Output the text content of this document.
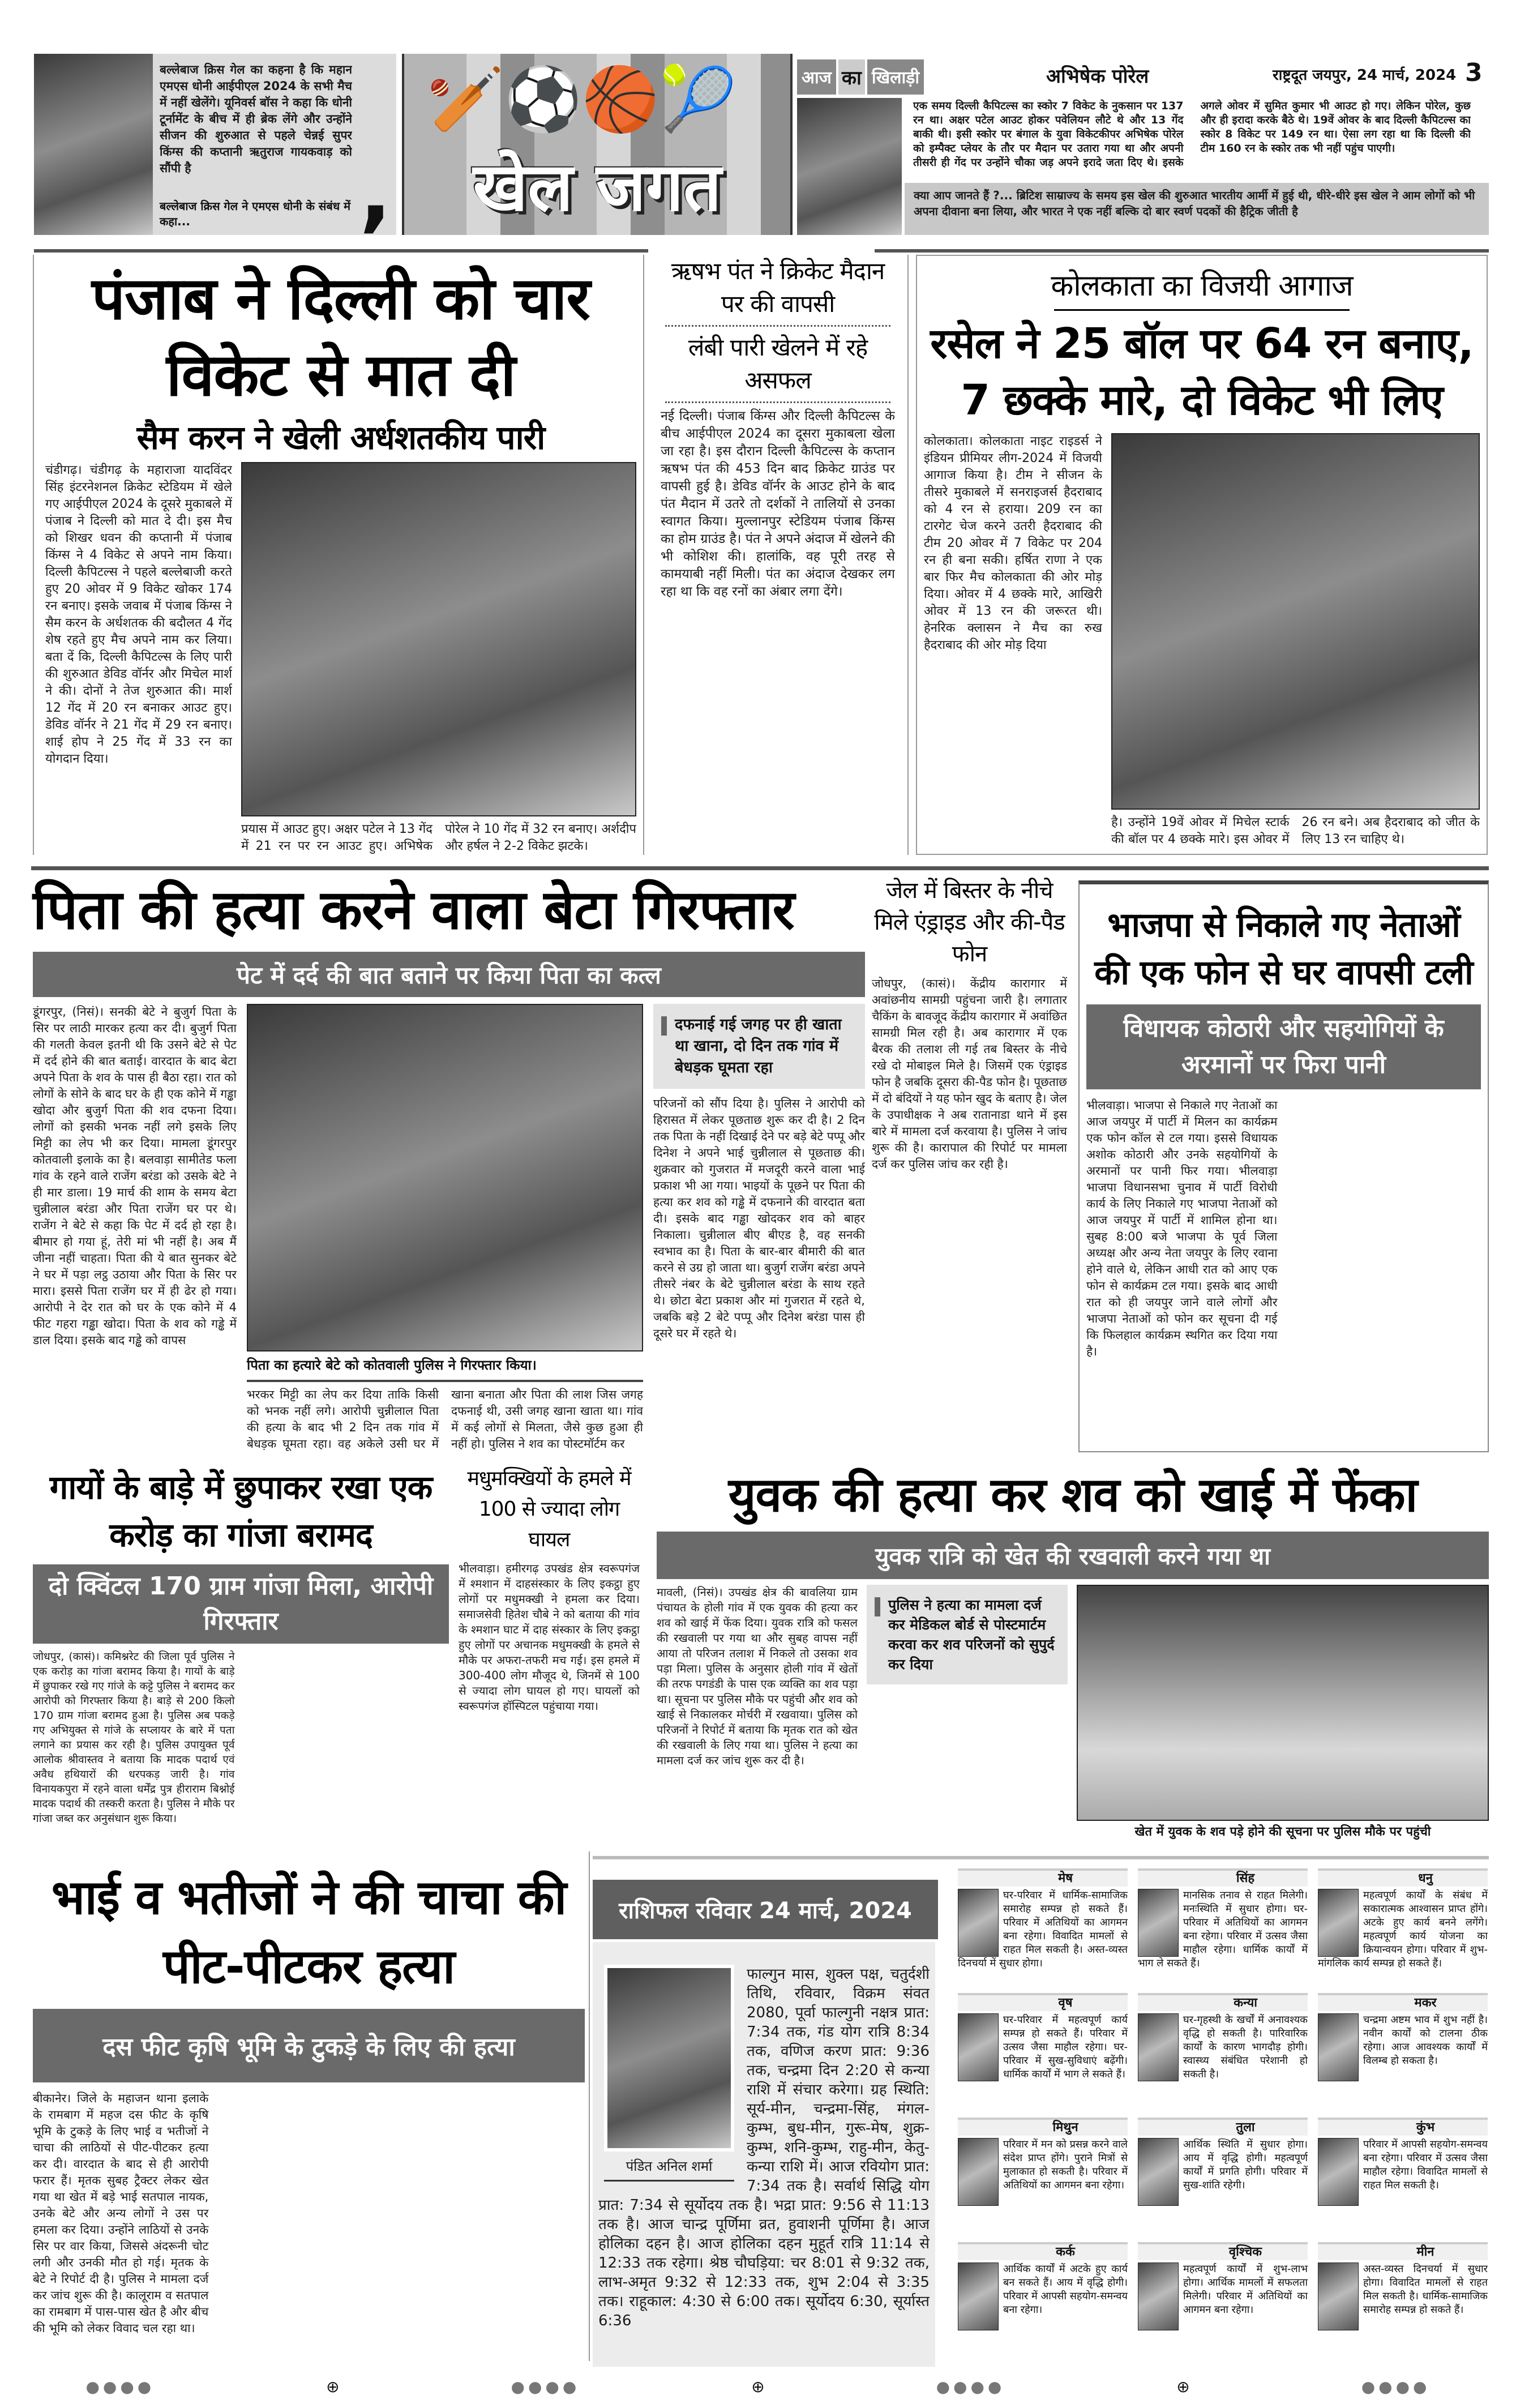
बल्लेबाज क्रिस गेल का कहना है कि महान एमएस धोनी आईपीएल 2024 के सभी मैच में नहीं खेलेंगे। यूनिवर्स बॉस ने कहा कि धोनी टूर्नामेंट के बीच में ही ब्रेक लेंगे और उन्होंने सीजन की शुरुआत से पहले चेन्नई सुपर किंग्स की कप्तानी ऋतुराज गायकवाड़ को सौंपी है
बल्लेबाज क्रिस गेल ने एमएस धोनी के संबंध में कहा...	,
🏏⚽🏀🎾
खेल जगत
आज का खिलाड़ी	अभिषेक पोरेल	राष्ट्रदूत जयपुर, 24 मार्च, 2024 3
एक समय दिल्ली कैपिटल्स का स्कोर 7 विकेट के नुकसान पर 137 रन था। अक्षर पटेल आउट होकर पवेलियन लौटे थे और 13 गेंद बाकी थी। इसी स्कोर पर बंगाल के युवा विकेटकीपर अभिषेक पोरेल को इम्पैक्ट प्लेयर के तौर पर मैदान पर उतारा गया था और अपनी तीसरी ही गेंद पर उन्होंने चौका जड़ अपने इरादे जता दिए थे। इसके अगले ओवर में सुमित कुमार भी आउट हो गए। लेकिन पोरेल, कुछ और ही इरादा करके बैठे थे। 19वें ओवर के बाद दिल्ली कैपिटल्स का स्कोर 8 विकेट पर 149 रन था। ऐसा लग रहा था कि दिल्ली की टीम 160 रन के स्कोर तक भी नहीं पहुंच पाएगी।
क्या आप जानते हैं ?... ब्रिटिश साम्राज्य के समय इस खेल की शुरुआत भारतीय आर्मी में हुई थी, धीरे-धीरे इस खेल ने आम लोगों को भी अपना दीवाना बना लिया, और भारत ने एक नहीं बल्कि दो बार स्वर्ण पदकों की हैट्रिक जीती है
पंजाब ने दिल्ली को चार विकेट से मात दी
सैम करन ने खेली अर्धशतकीय पारी
चंडीगढ़। चंडीगढ़ के महाराजा यादविंदर सिंह इंटरनेशनल क्रिकेट स्टेडियम में खेले गए आईपीएल 2024 के दूसरे मुकाबले में पंजाब ने दिल्ली को मात दे दी। इस मैच को शिखर धवन की कप्तानी में पंजाब किंग्स ने 4 विकेट से अपने नाम किया। दिल्ली कैपिटल्स ने पहले बल्लेबाजी करते हुए 20 ओवर में 9 विकेट खोकर 174 रन बनाए। इसके जवाब में पंजाब किंग्स ने सैम करन के अर्धशतक की बदौलत 4 गेंद शेष रहते हुए मैच अपने नाम कर लिया। बता दें कि, दिल्ली कैपिटल्स के लिए पारी की शुरुआत डेविड वॉर्नर और मिचेल मार्श ने की। दोनों ने तेज शुरुआत की। मार्श 12 गेंद में 20 रन बनाकर आउट हुए। डेविड वॉर्नर ने 21 गेंद में 29 रन बनाए। शाई होप ने 25 गेंद में 33 रन का योगदान दिया।
प्रयास में आउट हुए। अक्षर पटेल ने 13 गेंद में 21 रन पर रन आउट हुए। अभिषेक पोरेल ने 10 गेंद में 32 रन बनाए। अर्शदीप और हर्षल ने 2-2 विकेट झटके।
ऋषभ पंत ने क्रिकेट मैदान पर की वापसी
लंबी पारी खेलने में रहे असफल
नई दिल्ली। पंजाब किंग्स और दिल्ली कैपिटल्स के बीच आईपीएल 2024 का दूसरा मुकाबला खेला जा रहा है। इस दौरान दिल्ली कैपिटल्स के कप्तान ऋषभ पंत की 453 दिन बाद क्रिकेट ग्राउंड पर वापसी हुई है। डेविड वॉर्नर के आउट होने के बाद पंत मैदान में उतरे तो दर्शकों ने तालियों से उनका स्वागत किया। मुल्लानपुर स्टेडियम पंजाब किंग्स का होम ग्राउंड है। पंत ने अपने अंदाज में खेलने की भी कोशिश की। हालांकि, वह पूरी तरह से कामयाबी नहीं मिली। पंत का अंदाज देखकर लग रहा था कि वह रनों का अंबार लगा देंगे।
कोलकाता का विजयी आगाज
रसेल ने 25 बॉल पर 64 रन बनाए, 7 छक्के मारे, दो विकेट भी लिए
कोलकाता। कोलकाता नाइट राइडर्स ने इंडियन प्रीमियर लीग-2024 में विजयी आगाज किया है। टीम ने सीजन के तीसरे मुकाबले में सनराइजर्स हैदराबाद को 4 रन से हराया। 209 रन का टारगेट चेज करने उतरी हैदराबाद की टीम 20 ओवर में 7 विकेट पर 204 रन ही बना सकी। हर्षित राणा ने एक बार फिर मैच कोलकाता की ओर मोड़ दिया। ओवर में 4 छक्के मारे, आखिरी ओवर में 13 रन की जरूरत थी। हेनरिक क्लासन ने मैच का रुख हैदराबाद की ओर मोड़ दिया
है। उन्होंने 19वें ओवर में मिचेल स्टार्क की बॉल पर 4 छक्के मारे। इस ओवर में 26 रन बने। अब हैदराबाद को जीत के लिए 13 रन चाहिए थे।
पिता की हत्या करने वाला बेटा गिरफ्तार
पेट में दर्द की बात बताने पर किया पिता का कत्ल
डूंगरपुर, (निसं)। सनकी बेटे ने बुजुर्ग पिता के सिर पर लाठी मारकर हत्या कर दी। बुजुर्ग पिता की गलती केवल इतनी थी कि उसने बेटे से पेट में दर्द होने की बात बताई। वारदात के बाद बेटा अपने पिता के शव के पास ही बैठा रहा। रात को लोगों के सोने के बाद घर के ही एक कोने में गड्ढा खोदा और बुजुर्ग पिता की शव दफना दिया। लोगों को इसकी भनक नहीं लगे इसके लिए मिट्टी का लेप भी कर दिया। मामला डूंगरपुर कोतवाली इलाके का है। बलवाड़ा सामीतेड फला गांव के रहने वाले राजेंग बरंडा को उसके बेटे ने ही मार डाला। 19 मार्च की शाम के समय बेटा चुन्नीलाल बरंडा और पिता राजेंग घर पर थे। राजेंग ने बेटे से कहा कि पेट में दर्द हो रहा है। बीमार हो गया हूं, तेरी मां भी नहीं है। अब मैं जीना नहीं चाहता। पिता की ये बात सुनकर बेटे ने घर में पड़ा लट्ठ उठाया और पिता के सिर पर मारा। इससे पिता राजेंग घर में ही ढेर हो गया। आरोपी ने देर रात को घर के एक कोने में 4 फीट गहरा गड्ढा खोदा। पिता के शव को गड्ढे में डाल दिया। इसके बाद गड्ढे को वापस
पिता का हत्यारे बेटे को कोतवाली पुलिस ने गिरफ्तार किया।
भरकर मिट्टी का लेप कर दिया ताकि किसी को भनक नहीं लगे। आरोपी चुन्नीलाल पिता की हत्या के बाद भी 2 दिन तक गांव में बेधड़क घूमता रहा। वह अकेले उसी घर में खाना बनाता और पिता की लाश जिस जगह दफनाई थी, उसी जगह खाना खाता था। गांव में कई लोगों से मिलता, जैसे कुछ हुआ ही नहीं हो। पुलिस ने शव का पोस्टमॉर्टम कर
दफनाई गई जगह पर ही खाता था खाना, दो दिन तक गांव में बेधड़क घूमता रहा
परिजनों को सौंप दिया है। पुलिस ने आरोपी को हिरासत में लेकर पूछताछ शुरू कर दी है। 2 दिन तक पिता के नहीं दिखाई देने पर बड़े बेटे पप्पू और दिनेश ने अपने भाई चुन्नीलाल से पूछताछ की। शुक्रवार को गुजरात में मजदूरी करने वाला भाई प्रकाश भी आ गया। भाइयों के पूछने पर पिता की हत्या कर शव को गड्ढे में दफनाने की वारदात बता दी। इसके बाद गड्ढा खोदकर शव को बाहर निकाला। चुन्नीलाल बीए बीएड है, वह सनकी स्वभाव का है। पिता के बार-बार बीमारी की बात करने से उग्र हो जाता था। बुजुर्ग राजेंग बरंडा अपने तीसरे नंबर के बेटे चुन्नीलाल बरंडा के साथ रहते थे। छोटा बेटा प्रकाश और मां गुजरात में रहते थे, जबकि बड़े 2 बेटे पप्पू और दिनेश बरंडा पास ही दूसरे घर में रहते थे।
जेल में बिस्तर के नीचे मिले एंड्राइड और की-पैड फोन
जोधपुर, (कासं)। केंद्रीय कारागार में अवांछनीय सामग्री पहुंचना जारी है। लगातार चैकिंग के बावजूद केंद्रीय कारागार में अवांछित सामग्री मिल रही है। अब कारागार में एक बैरक की तलाश ली गई तब बिस्तर के नीचे रखे दो मोबाइल मिले है। जिसमें एक एंड्राइड फोन है जबकि दूसरा की-पैड फोन है। पूछताछ में दो बंदियों ने यह फोन खुद के बताए है। जेल के उपाधीक्षक ने अब रातानाडा थाने में इस बारे में मामला दर्ज करवाया है। पुलिस ने जांच शुरू की है। कारापाल की रिपोर्ट पर मामला दर्ज कर पुलिस जांच कर रही है।
भाजपा से निकाले गए नेताओं की एक फोन से घर वापसी टली
विधायक कोठारी और सहयोगियों के अरमानों पर फिरा पानी
भीलवाड़ा। भाजपा से निकाले गए नेताओं का आज जयपुर में पार्टी में मिलन का कार्यक्रम एक फोन कॉल से टल गया। इससे विधायक अशोक कोठारी और उनके सहयोगियों के अरमानों पर पानी फिर गया। भीलवाड़ा भाजपा विधानसभा चुनाव में पार्टी विरोधी कार्य के लिए निकाले गए भाजपा नेताओं को आज जयपुर में पार्टी में शामिल होना था। सुबह 8:00 बजे भाजपा के पूर्व जिला अध्यक्ष और अन्य नेता जयपुर के लिए रवाना होने वाले थे, लेकिन आधी रात को आए एक फोन से कार्यक्रम टल गया। इसके बाद आधी रात को ही जयपुर जाने वाले लोगों और भाजपा नेताओं को फोन कर सूचना दी गई कि फिलहाल कार्यक्रम स्थगित कर दिया गया है।
गायों के बाड़े में छुपाकर रखा एक करोड़ का गांजा बरामद
दो क्विंटल 170 ग्राम गांजा मिला, आरोपी गिरफ्तार
जोधपुर, (कासं)। कमिश्नरेट की जिला पूर्व पुलिस ने एक करोड़ का गांजा बरामद किया है। गायों के बाड़े में छुपाकर रखे गए गांजे के कट्टे पुलिस ने बरामद कर आरोपी को गिरफ्तार किया है। बाड़े से 200 किलो 170 ग्राम गांजा बरामद हुआ है। पुलिस अब पकड़े गए अभियुक्त से गांजे के सप्लायर के बारे में पता लगाने का प्रयास कर रही है। पुलिस उपायुक्त पूर्व आलोक श्रीवास्तव ने बताया कि मादक पदार्थ एवं अवैध हथियारों की धरपकड़ जारी है। गांव विनायकपुरा में रहने वाला धर्मेंद्र पुत्र हीराराम बिश्नोई मादक पदार्थ की तस्करी करता है। पुलिस ने मौके पर गांजा जब्त कर अनुसंधान शुरू किया।
मधुमक्खियों के हमले में 100 से ज्यादा लोग घायल
भीलवाड़ा। हमीरगढ़ उपखंड क्षेत्र स्वरूपगंज में श्मशान में दाहसंस्कार के लिए इकट्ठा हुए लोगों पर मधुमक्खी ने हमला कर दिया। समाजसेवी हितेश चौबे ने को बताया की गांव के श्मशान घाट में दाह संस्कार के लिए इकट्ठा हुए लोगों पर अचानक मधुमक्खी के हमले से मौके पर अफरा-तफरी मच गई। इस हमले में 300-400 लोग मौजूद थे, जिनमें से 100 से ज्यादा लोग घायल हो गए। घायलों को स्वरूपगंज हॉस्पिटल पहुंचाया गया।
युवक की हत्या कर शव को खाई में फेंका
युवक रात्रि को खेत की रखवाली करने गया था
मावली, (निसं)। उपखंड क्षेत्र की बावलिया ग्राम पंचायत के होली गांव में एक युवक की हत्या कर शव को खाई में फेंक दिया। युवक रात्रि को फसल की रखवाली पर गया था और सुबह वापस नहीं आया तो परिजन तलाश में निकले तो उसका शव पड़ा मिला। पुलिस के अनुसार होली गांव में खेतों की तरफ पगडंडी के पास एक व्यक्ति का शव पड़ा था। सूचना पर पुलिस मौके पर पहुंची और शव को खाई से निकालकर मोर्चरी में रखवाया। पुलिस को परिजनों ने रिपोर्ट में बताया कि मृतक रात को खेत की रखवाली के लिए गया था। पुलिस ने हत्या का मामला दर्ज कर जांच शुरू कर दी है।
पुलिस ने हत्या का मामला दर्ज कर मेडिकल बोर्ड से पोस्टमार्टम करवा कर शव परिजनों को सुपुर्द कर दिया
खेत में युवक के शव पड़े होने की सूचना पर पुलिस मौके पर पहुंची
भाई व भतीजों ने की चाचा की पीट-पीटकर हत्या
दस फीट कृषि भूमि के टुकड़े के लिए की हत्या
बीकानेर। जिले के महाजन थाना इलाके के रामबाग में महज दस फीट के कृषि भूमि के टुकड़े के लिए भाई व भतीजों ने चाचा की लाठियों से पीट-पीटकर हत्या कर दी। वारदात के बाद से ही आरोपी फरार हैं। मृतक सुबह ट्रैक्टर लेकर खेत गया था खेत में बड़े भाई सतपाल नायक, उनके बेटे और अन्य लोगों ने उस पर हमला कर दिया। उन्होंने लाठियों से उनके सिर पर वार किया, जिससे अंदरूनी चोट लगी और उनकी मौत हो गई। मृतक के बेटे ने रिपोर्ट दी है। पुलिस ने मामला दर्ज कर जांच शुरू की है। कालूराम व सतपाल का रामबाग में पास-पास खेत है और बीच की भूमि को लेकर विवाद चल रहा था।
राशिफल रविवार 24 मार्च, 2024
पंडित अनिल शर्मा
फाल्गुन मास, शुक्ल पक्ष, चतुर्दशी तिथि, रविवार, विक्रम संवत 2080, पूर्वा फाल्गुनी नक्षत्र प्रात: 7:34 तक, गंड योग रात्रि 8:34 तक, वणिज करण प्रात: 9:36 तक, चन्द्रमा दिन 2:20 से कन्या राशि में संचार करेगा। ग्रह स्थिति: सूर्य-मीन, चन्द्रमा-सिंह, मंगल-कुम्भ, बुध-मीन, गुरू-मेष, शुक्र-कुम्भ, शनि-कुम्भ, राहु-मीन, केतु-कन्या राशि में। आज रवियोग प्रात: 7:34 तक है। सर्वार्थ सिद्धि योग प्रात: 7:34 से सूर्योदय तक है। भद्रा प्रात: 9:56 से 11:13 तक है। आज चान्द्र पूर्णिमा व्रत, हुवाशनी पूर्णिमा है। आज होलिका दहन है। आज होलिका दहन मुहूर्त रात्रि 11:14 से 12:33 तक रहेगा। श्रेष्ठ चौघड़िया: चर 8:01 से 9:32 तक, लाभ-अमृत 9:32 से 12:33 तक, शुभ 2:04 से 3:35 तक। राहूकाल: 4:30 से 6:00 तक। सूर्योदय 6:30, सूर्यास्त 6:36
मेष
घर-परिवार में धार्मिक-सामाजिक समारोह सम्पन्न हो सकते हैं। परिवार में अतिथियों का आगमन बना रहेगा। विवादित मामलों से राहत मिल सकती है। अस्त-व्यस्त दिनचर्या में सुधार होगा।
सिंह
मानसिक तनाव से राहत मिलेगी। मनःस्थिति में सुधार होगा। घर-परिवार में अतिथियों का आगमन बना रहेगा। परिवार में उत्सव जैसा माहौल रहेगा। धार्मिक कार्यों में भाग ले सकते हैं।
धनु
महत्वपूर्ण कार्यों के संबंध में सकारात्मक आश्वासन प्राप्त होंगे। अटके हुए कार्य बनने लगेंगे। महत्वपूर्ण कार्य योजना का क्रियान्वयन होगा। परिवार में शुभ-मांगलिक कार्य सम्पन्न हो सकते हैं।
वृष
घर-परिवार में महत्वपूर्ण कार्य सम्पन्न हो सकते हैं। परिवार में उत्सव जैसा माहौल रहेगा। घर-परिवार में सुख-सुविधाएं बढ़ेंगी। धार्मिक कार्यों में भाग ले सकते हैं।
कन्या
घर-गृहस्थी के खर्चों में अनावश्यक वृद्धि हो सकती है। पारिवारिक कार्यों के कारण भागदौड़ होगी। स्वास्थ्य संबंधित परेशानी हो सकती है।
मकर
चन्द्रमा अष्टम भाव में शुभ नहीं है। नवीन कार्यों को टालना ठीक रहेगा। आज आवश्यक कार्यों में विलम्ब हो सकता है।
मिथुन
परिवार में मन को प्रसन्न करने वाले संदेश प्राप्त होंगे। पुराने मित्रों से मुलाकात हो सकती है। परिवार में अतिथियों का आगमन बना रहेगा।
तुला
आर्थिक स्थिति में सुधार होगा। आय में वृद्धि होगी। महत्वपूर्ण कार्यों में प्रगति होगी। परिवार में सुख-शांति रहेगी।
कुंभ
परिवार में आपसी सहयोग-समन्वय बना रहेगा। परिवार में उत्सव जैसा माहौल रहेगा। विवादित मामलों से राहत मिल सकती है।
कर्क
आर्थिक कार्यों में अटके हुए कार्य बन सकते हैं। आय में वृद्धि होगी। परिवार में आपसी सहयोग-समन्वय बना रहेगा।
वृश्चिक
महत्वपूर्ण कार्यों में शुभ-लाभ होगा। आर्थिक मामलों में सफलता मिलेगी। परिवार में अतिथियों का आगमन बना रहेगा।
मीन
अस्त-व्यस्त दिनचर्या में सुधार होगा। विवादित मामलों से राहत मिल सकती है। धार्मिक-सामाजिक समारोह सम्पन्न हो सकते हैं।
●●●●	⊕	●●●●	⊕	●●●●	⊕	●●●●
